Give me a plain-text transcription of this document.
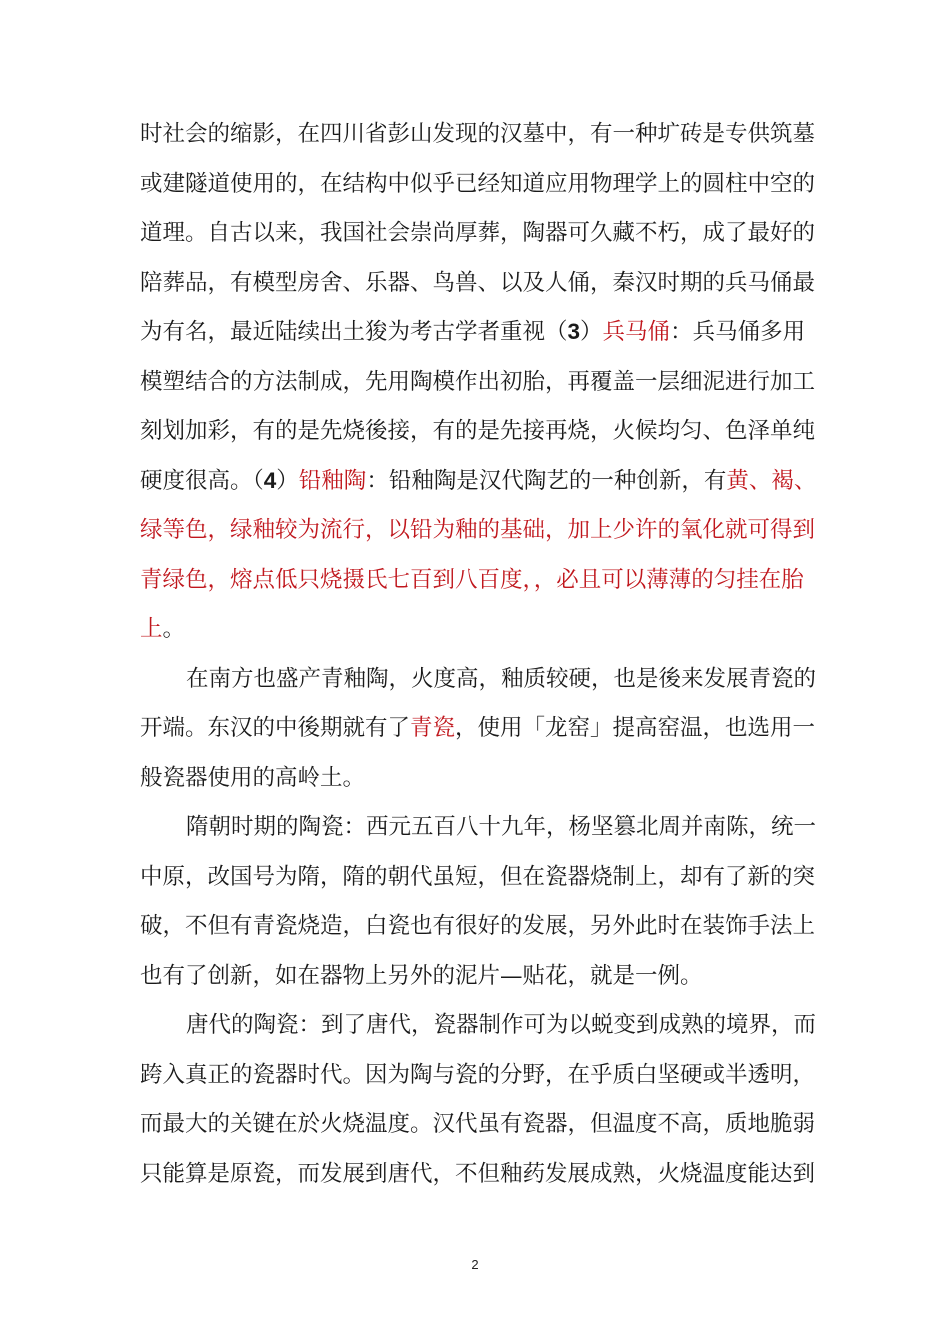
时社会的缩影，在四川省彭山发现的汉墓中，有一种圹砖是专供筑墓
或建隧道使用的，在结构中似乎已经知道应用物理学上的圆柱中空的
道理。自古以来，我国社会崇尚厚葬，陶器可久藏不朽，成了最好的
陪葬品，有模型房舍、乐器、鸟兽、以及人俑，秦汉时期的兵马俑最
为有名，最近陆续出土狻为考古学者重视（3）兵马俑：兵马俑多用
模塑结合的方法制成，先用陶模作出初胎，再覆盖一层细泥进行加工
刻划加彩，有的是先烧後接，有的是先接再烧，火候均匀、色泽单纯
硬度很高。（4）铅釉陶：铅釉陶是汉代陶艺的一种创新，有黄、褐、
绿等色，绿釉较为流行，以铅为釉的基础，加上少许的氧化就可得到
青绿色，熔点低只烧摄氏七百到八百度，，必且可以薄薄的匀挂在胎
上。
在南方也盛产青釉陶，火度高，釉质较硬，也是後来发展青瓷的
开端。东汉的中後期就有了青瓷，使用「龙窑」提高窑温，也选用一
般瓷器使用的高岭土。
隋朝时期的陶瓷：西元五百八十九年，杨坚篡北周并南陈，统一
中原，改国号为隋，隋的朝代虽短，但在瓷器烧制上，却有了新的突
破，不但有青瓷烧造，白瓷也有很好的发展，另外此时在装饰手法上
也有了创新，如在器物上另外的泥片—贴花，就是一例。
唐代的陶瓷：到了唐代，瓷器制作可为以蜕变到成熟的境界，而
跨入真正的瓷器时代。因为陶与瓷的分野，在乎质白坚硬或半透明，
而最大的关键在於火烧温度。汉代虽有瓷器，但温度不高，质地脆弱
只能算是原瓷，而发展到唐代，不但釉药发展成熟，火烧温度能达到
2
